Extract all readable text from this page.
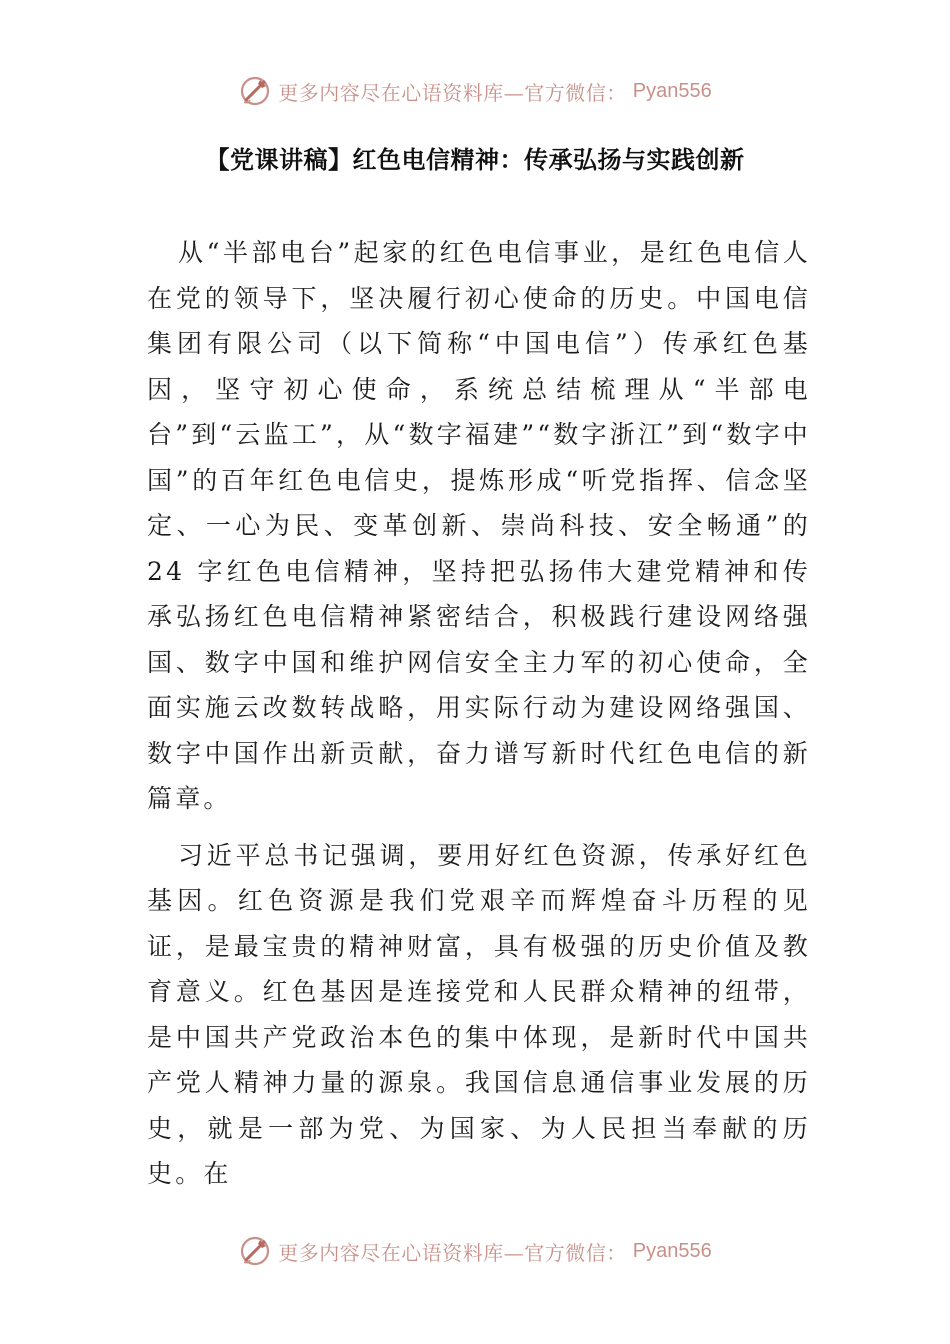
更多内容尽在心语资料库—官方微信： Pyan556
【党课讲稿】红色电信精神：传承弘扬与实践创新

从“半部电台”起家的红色电信事业，是红色电信人在党的领导下，坚决履行初心使命的历史。中国电信集团有限公司（以下简称“中国电信”）传承红色基因，坚守初心使命，系统总结梳理从“半部电台”到“云监工”，从“数字福建”“数字浙江”到“数字中国”的百年红色电信史，提炼形成“听党指挥、信念坚定、一心为民、变革创新、崇尚科技、安全畅通”的 24 字红色电信精神，坚持把弘扬伟大建党精神和传承弘扬红色电信精神紧密结合，积极践行建设网络强国、数字中国和维护网信安全主力军的初心使命，全面实施云改数转战略，用实际行动为建设网络强国、数字中国作出新贡献，奋力谱写新时代红色电信的新篇章。

习近平总书记强调，要用好红色资源，传承好红色基因。红色资源是我们党艰辛而辉煌奋斗历程的见证，是最宝贵的精神财富，具有极强的历史价值及教育意义。红色基因是连接党和人民群众精神的纽带，是中国共产党政治本色的集中体现，是新时代中国共产党人精神力量的源泉。我国信息通信事业发展的历史，就是一部为党、为国家、为人民担当奉献的历史。在

更多内容尽在心语资料库—官方微信： Pyan556
